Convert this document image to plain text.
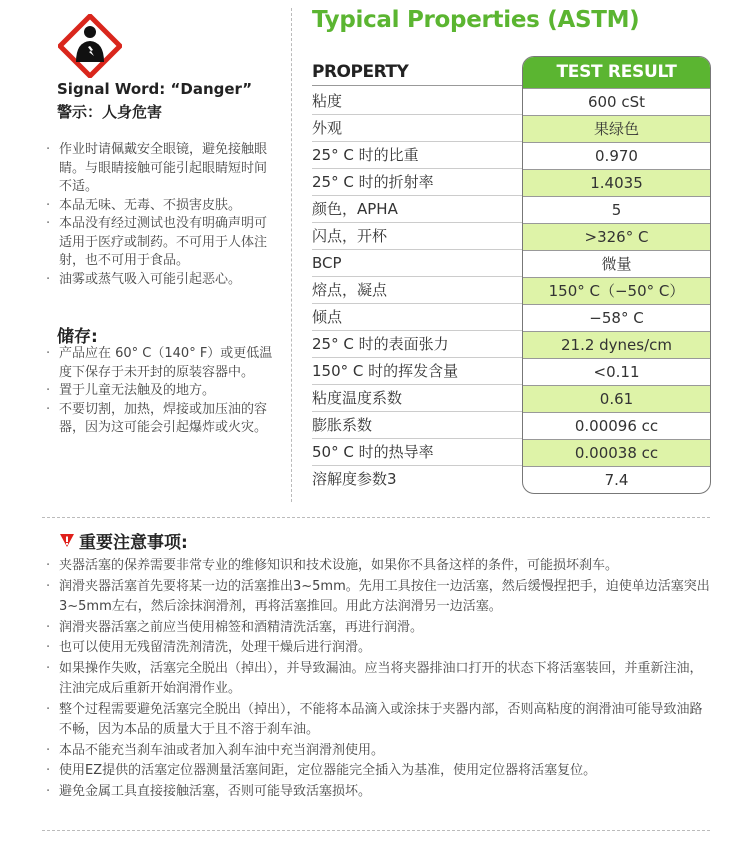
Signal Word: “Danger”
警示：人身危害
· 作业时请佩戴安全眼镜，避免接触眼睛。与眼睛接触可能引起眼睛短时间不适。
· 本品无味、无毒、不损害皮肤。
· 本品没有经过测试也没有明确声明可适用于医疗或制药。不可用于人体注射，也不可用于食品。
· 油雾或蒸气吸入可能引起恶心。
储存:
· 产品应在 60° C（140° F）或更低温度下保存于未开封的原装容器中。
· 置于儿童无法触及的地方。
· 不要切割，加热，焊接或加压油的容器，因为这可能会引起爆炸或火灾。
Typical Properties (ASTM)
PROPERTY
粘度
外观
25° C 时的比重
25° C 时的折射率
颜色，APHA
闪点，开杯
BCP
熔点，凝点
倾点
25° C 时的表面张力
150° C 时的挥发含量
粘度温度系数
膨胀系数
50° C 时的热导率
溶解度参数3
TEST RESULT
600 cSt
果绿色
0.970
1.4035
5
>326° C
微量
150° C（−50° C）
−58° C
21.2 dynes/cm
<0.11
0.61
0.00096 cc
0.00038 cc
7.4
重要注意事项:
· 夹器活塞的保养需要非常专业的维修知识和技术设施，如果你不具备这样的条件，可能损坏刹车。
· 润滑夹器活塞首先要将某一边的活塞推出3~5mm。先用工具按住一边活塞，然后缓慢捏把手，迫使单边活塞突出3~5mm左右，然后涂抹润滑剂，再将活塞推回。用此方法润滑另一边活塞。
· 润滑夹器活塞之前应当使用棉签和酒精清洗活塞，再进行润滑。
· 也可以使用无残留清洗剂清洗，处理干燥后进行润滑。
· 如果操作失败，活塞完全脱出（掉出），并导致漏油。应当将夹器排油口打开的状态下将活塞装回，并重新注油，注油完成后重新开始润滑作业。
· 整个过程需要避免活塞完全脱出（掉出），不能将本品滴入或涂抹于夹器内部，否则高粘度的润滑油可能导致油路不畅，因为本品的质量大于且不溶于刹车油。
· 本品不能充当刹车油或者加入刹车油中充当润滑剂使用。
· 使用EZ提供的活塞定位器测量活塞间距，定位器能完全插入为基准，使用定位器将活塞复位。
· 避免金属工具直接接触活塞，否则可能导致活塞损坏。
